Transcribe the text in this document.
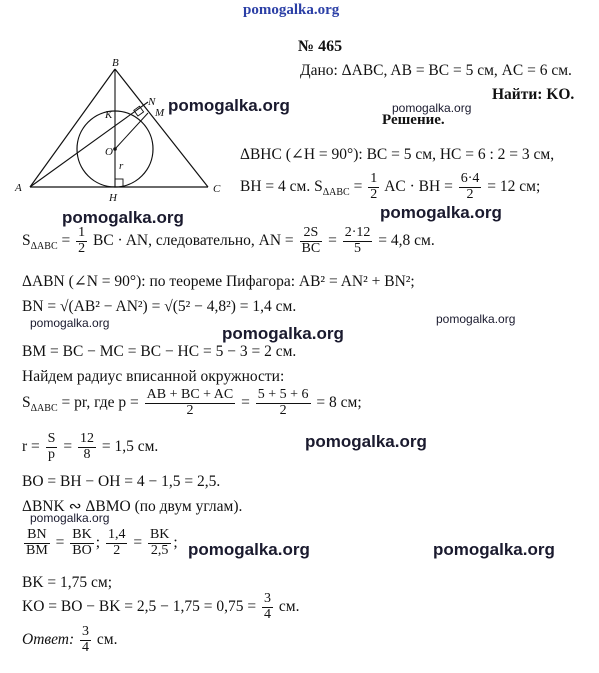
pomogalka.org
B
A	C
H
K
N
M
O
r
№ 465
Дано: ΔABC, AB = BC = 5 см, AC = 6 см.
Найти: KO.
Решение.
pomogalka.org	pomogalka.org
pomogalka.org	pomogalka.org
pomogalka.org
pomogalka.org
pomogalka.org
pomogalka.org
pomogalka.org
pomogalka.org	pomogalka.org
ΔBHC (∠H = 90°): BC = 5 см, HC = 6 : 2 = 3 см,
BH = 4 см. $S_{\Delta ABC} = \frac{1}{2}$ AC · BH = $\frac{6\cdot 4}{2} = 12$ см;
$S_{\Delta ABC} = \frac{1}{2}$ BC · AN, следовательно, AN = $\frac{2S}{BC} = \frac{2\cdot 12}{5} = 4,8$ см.
ΔABN (∠N = 90°): по теореме Пифагора: AB² = AN² + BN²;
BN = √(AB² − AN²) = √(5² − 4,8²) = 1,4 см.
BM = BC − MC = BC − HC = 5 − 3 = 2 см.
Найдем радиус вписанной окружности:
$S_{\Delta ABC}$ = pr, где $p = \frac{AB + BC + AC}{2} = \frac{5 + 5 + 6}{2} = 8$ см;
$r = \frac{S}{p} = \frac{12}{8} = 1,5$ см.
BO = BH − OH = 4 − 1,5 = 2,5.
ΔBNK ∾ ΔBMO (по двум углам).
$\frac{BN}{BM} = \frac{BK}{BO}$ ; $\frac{1,4}{2} = \frac{BK}{2,5}$ ;
BK = 1,75 см;
KO = BO − BK = $2,5 - 1,75 = 0,75 = \frac{3}{4}$ см.
Ответ: $\frac{3}{4}$ см.
